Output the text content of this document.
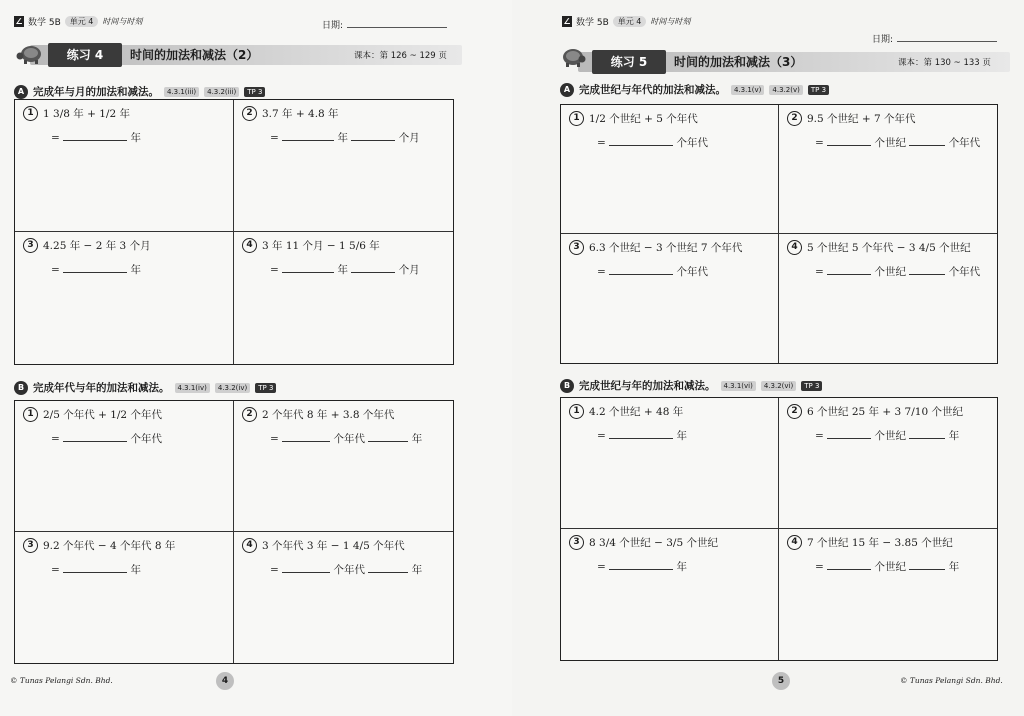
∠ 数学 5B	单元 4	时间与时刻	日期:
练习 4	时间的加法和减法（2）	课本：第 126 ~ 129 页
A 完成年与月的加法和减法。	4.3.1(iii)	4.3.2(iii)	TP 3
1 1 3/8 年 + 1/2 年
=	年
2 3.7 年 + 4.8 年
=	年	个月
3 4.25 年 − 2 年 3 个月
=	年
4 3 年 11 个月 − 1 5/6 年
=	年	个月
B 完成年代与年的加法和减法。	4.3.1(iv)	4.3.2(iv)	TP 3
1 2/5 个年代 + 1/2 个年代
=	个年代
2 2 个年代 8 年 + 3.8 个年代
=	个年代	年
3 9.2 个年代 − 4 个年代 8 年
=	年
4 3 个年代 3 年 − 1 4/5 个年代
=	个年代	年
© Tunas Pelangi Sdn. Bhd.	4
∠ 数学 5B	单元 4	时间与时刻
日期:
练习 5	时间的加法和减法（3）	课本：第 130 ~ 133 页
A 完成世纪与年代的加法和减法。	4.3.1(v)	4.3.2(v)	TP 3
1 1/2 个世纪 + 5 个年代
=	个年代
2 9.5 个世纪 + 7 个年代
=	个世纪	个年代
3 6.3 个世纪 − 3 个世纪 7 个年代
=	个年代
4 5 个世纪 5 个年代 − 3 4/5 个世纪
=	个世纪	个年代
B 完成世纪与年的加法和减法。	4.3.1(vi)	4.3.2(vi)	TP 3
1 4.2 个世纪 + 48 年
=	年
2 6 个世纪 25 年 + 3 7/10 个世纪
=	个世纪	年
3 8 3/4 个世纪 − 3/5 个世纪
=	年
4 7 个世纪 15 年 − 3.85 个世纪
=	个世纪	年
5	© Tunas Pelangi Sdn. Bhd.
